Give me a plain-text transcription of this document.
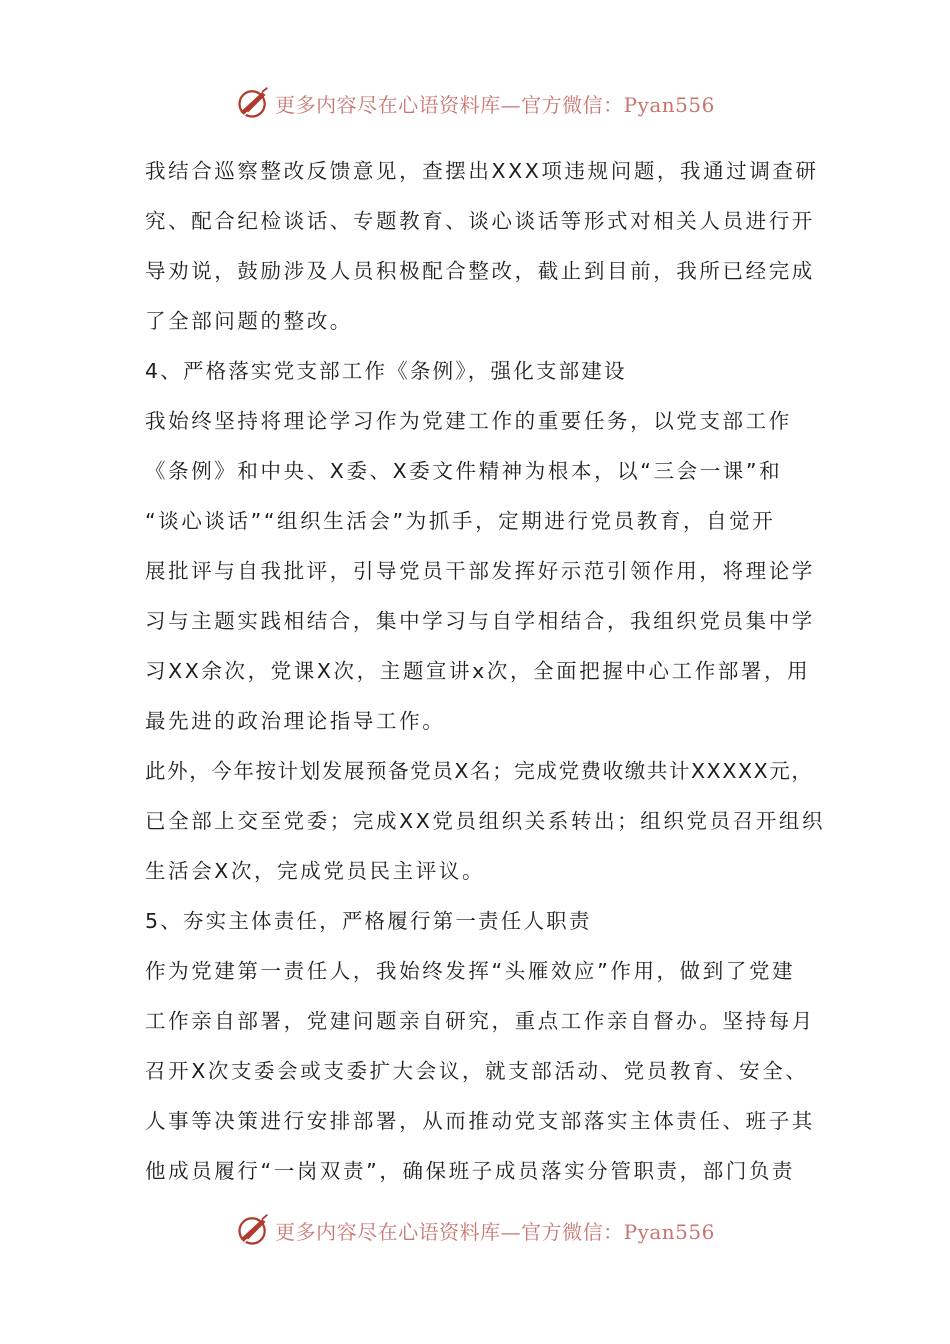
更多内容尽在心语资料库—官方微信：Pyan556
我结合巡察整改反馈意见，查摆出XXX项违规问题，我通过调查研
究、配合纪检谈话、专题教育、谈心谈话等形式对相关人员进行开
导劝说，鼓励涉及人员积极配合整改，截止到目前，我所已经完成
了全部问题的整改。
4、严格落实党支部工作《条例》，强化支部建设
我始终坚持将理论学习作为党建工作的重要任务，以党支部工作
《条例》和中央、X委、X委文件精神为根本，以“三会一课”和
“谈心谈话”“组织生活会”为抓手，定期进行党员教育，自觉开
展批评与自我批评，引导党员干部发挥好示范引领作用，将理论学
习与主题实践相结合，集中学习与自学相结合，我组织党员集中学
习XX余次，党课X次，主题宣讲x次，全面把握中心工作部署，用
最先进的政治理论指导工作。
此外，今年按计划发展预备党员X名；完成党费收缴共计XXXXX元，
已全部上交至党委；完成XX党员组织关系转出；组织党员召开组织
生活会X次，完成党员民主评议。
5、夯实主体责任，严格履行第一责任人职责
作为党建第一责任人，我始终发挥“头雁效应”作用，做到了党建
工作亲自部署，党建问题亲自研究，重点工作亲自督办。坚持每月
召开X次支委会或支委扩大会议，就支部活动、党员教育、安全、
人事等决策进行安排部署，从而推动党支部落实主体责任、班子其
他成员履行“一岗双责”，确保班子成员落实分管职责，部门负责
更多内容尽在心语资料库—官方微信：Pyan556
